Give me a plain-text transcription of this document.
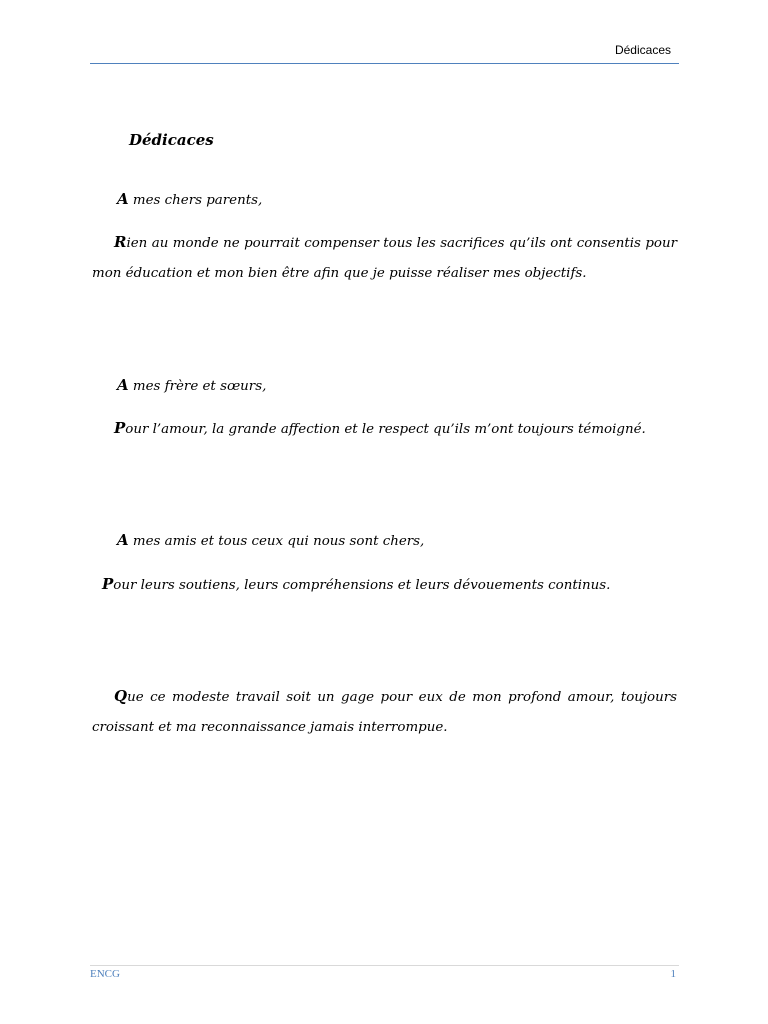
Dédicaces
Dédicaces
A mes chers parents,

Rien au monde ne pourrait compenser tous les sacrifices qu’ils ont consentis pour mon éducation et mon bien être afin que je puisse réaliser mes objectifs.

A mes frère et sœurs,

Pour l’amour, la grande affection et le respect qu’ils m’ont toujours témoigné.

A mes amis et tous ceux qui nous sont chers,

Pour leurs soutiens, leurs compréhensions et leurs dévouements continus.

Que ce modeste travail soit un gage pour eux de mon profond amour, toujours croissant et ma reconnaissance jamais interrompue.

ENCG	1
